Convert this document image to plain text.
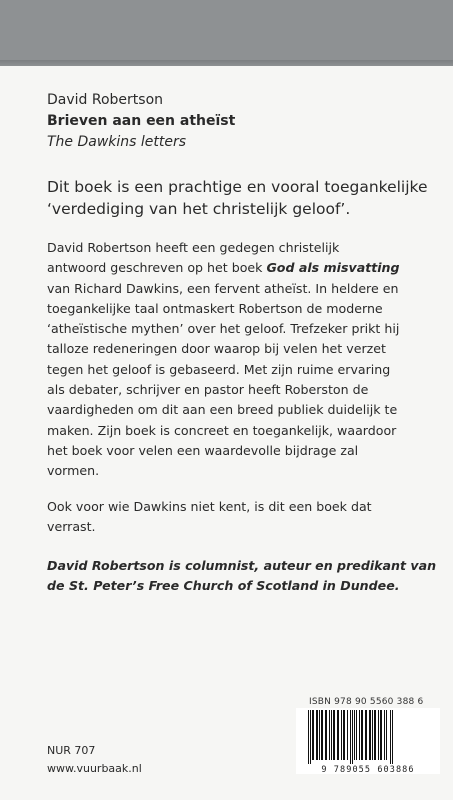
David Robertson
Brieven aan een atheïst
The Dawkins letters

Dit boek is een prachtige en vooral toegankelijke
‘verdediging van het christelijk geloof’.

David Robertson heeft een gedegen christelijk
antwoord geschreven op het boek God als misvatting
van Richard Dawkins, een fervent atheïst. In heldere en
toegankelijke taal ontmaskert Robertson de moderne
‘atheïstische mythen’ over het geloof. Trefzeker prikt hij
talloze redeneringen door waarop bij velen het verzet
tegen het geloof is gebaseerd. Met zijn ruime ervaring
als debater, schrijver en pastor heeft Roberston de
vaardigheden om dit aan een breed publiek duidelijk te
maken. Zijn boek is concreet en toegankelijk, waardoor
het boek voor velen een waardevolle bijdrage zal
vormen.

Ook voor wie Dawkins niet kent, is dit een boek dat
verrast.

David Robertson is columnist, auteur en predikant van
de St. Peter’s Free Church of Scotland in Dundee.

ISBN 978 90 5560 388 6
9 789055 603886
NUR 707
www.vuurbaak.nl
